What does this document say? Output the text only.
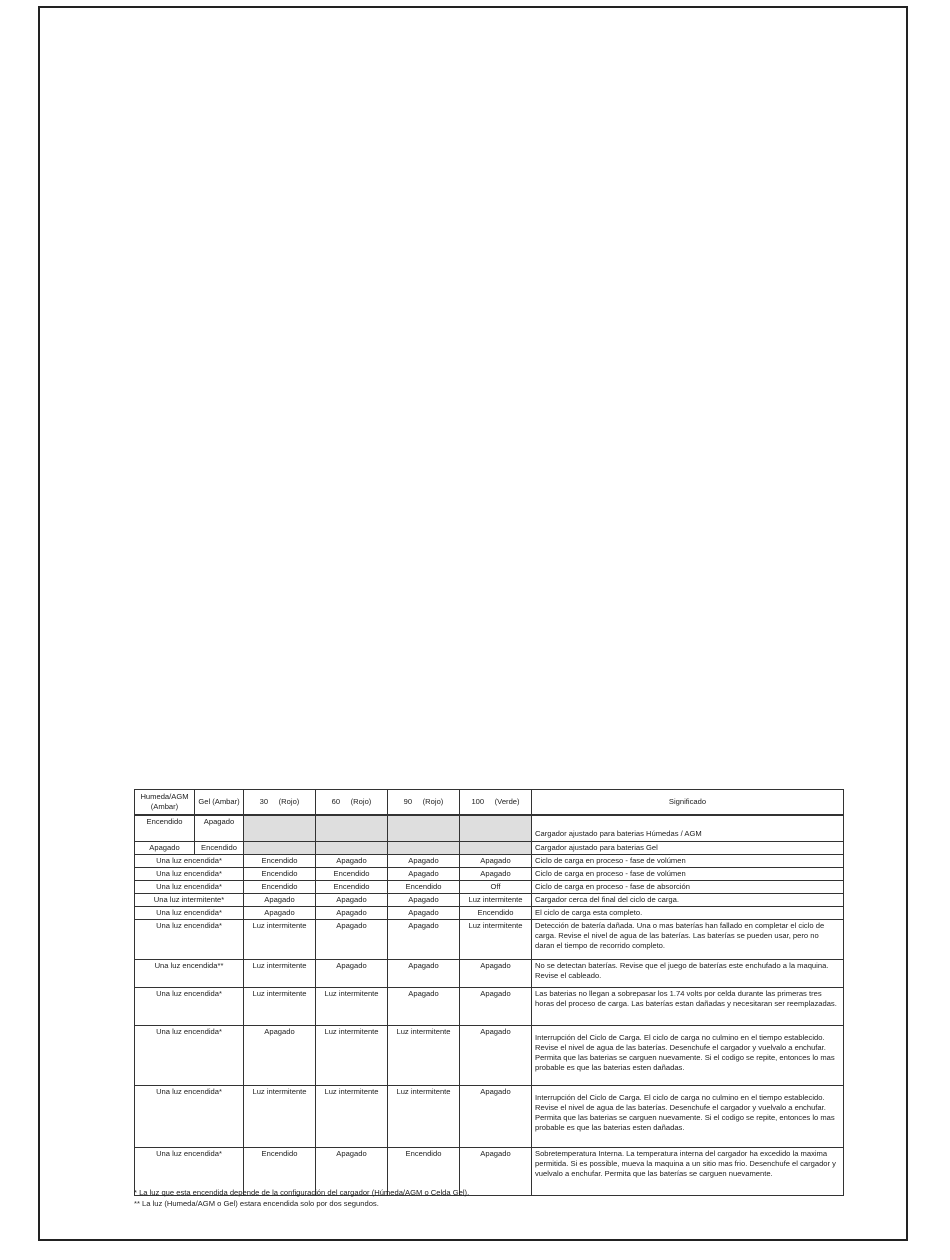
Humeda/AGM (Ambar)	Gel (Ambar)	30     (Rojo)	60     (Rojo)	90     (Rojo)	100     (Verde)	Significado
Encendido	Apagado					Cargador ajustado para baterias Húmedas / AGM
Apagado	Encendido					Cargador ajustado para baterias Gel
Una luz encendida*		Encendido	Apagado	Apagado	Apagado	Ciclo de carga en proceso - fase de volúmen
Una luz encendida*		Encendido	Encendido	Apagado	Apagado	Ciclo de carga en proceso - fase de volúmen
Una luz encendida*		Encendido	Encendido	Encendido	Off	Ciclo de carga en proceso - fase de absorción
Una luz intermitente*		Apagado	Apagado	Apagado	Luz intermitente	Cargador cerca del final del ciclo de carga.
Una luz encendida*		Apagado	Apagado	Apagado	Encendido	El ciclo de carga esta completo.
Una luz encendida*		Luz intermitente	Apagado	Apagado	Luz intermitente	Detección de batería dañada. Una o mas baterías han fallado en completar el ciclo de carga. Revise el nivel de agua de las baterías. Las baterías se pueden usar, pero no daran el tiempo de recorrido completo.
Una luz encendida**		Luz intermitente	Apagado	Apagado	Apagado	No se detectan baterías. Revise que el juego de baterías este enchufado a la maquina. Revise el cableado.
Una luz encendida*		Luz intermitente	Luz intermitente	Apagado	Apagado	Las baterias no llegan a sobrepasar los 1.74 volts por celda durante las primeras tres horas del proceso de carga. Las baterías estan dañadas y necesitaran ser reemplazadas.
Una luz encendida*		Apagado	Luz intermitente	Luz intermitente	Apagado	Interrupción del Ciclo de Carga. El ciclo de carga no culmino en el tiempo establecido. Revise el nivel de agua de las baterías. Desenchufe el cargador y vuelvalo a enchufar. Permita que las baterias se carguen nuevamente. Si el codigo se repite, entonces lo mas probable es que las baterias esten dañadas.
Una luz encendida*		Luz intermitente	Luz intermitente	Luz intermitente	Apagado	Interrupción del Ciclo de Carga. El ciclo de carga no culmino en el tiempo establecido. Revise el nivel de agua de las baterías. Desenchufe el cargador y vuelvalo a enchufar. Permita que las baterias se carguen nuevamente. Si el codigo se repite, entonces lo mas probable es que las baterias esten dañadas.
Una luz encendida*		Encendido	Apagado	Encendido	Apagado	Sobretemperatura Interna. La temperatura interna del cargador ha excedido la maxima permitida. Si es possible, mueva la maquina a un sitio mas frio. Desenchufe el cargador y vuelvalo a enchufar. Permita que las baterías se carguen nuevamente.
* La luz que esta encendida depende de la configuración del cargador (Húmeda/AGM o Celda Gel).
** La luz (Humeda/AGM o Gel) estara encendida solo por dos segundos.
